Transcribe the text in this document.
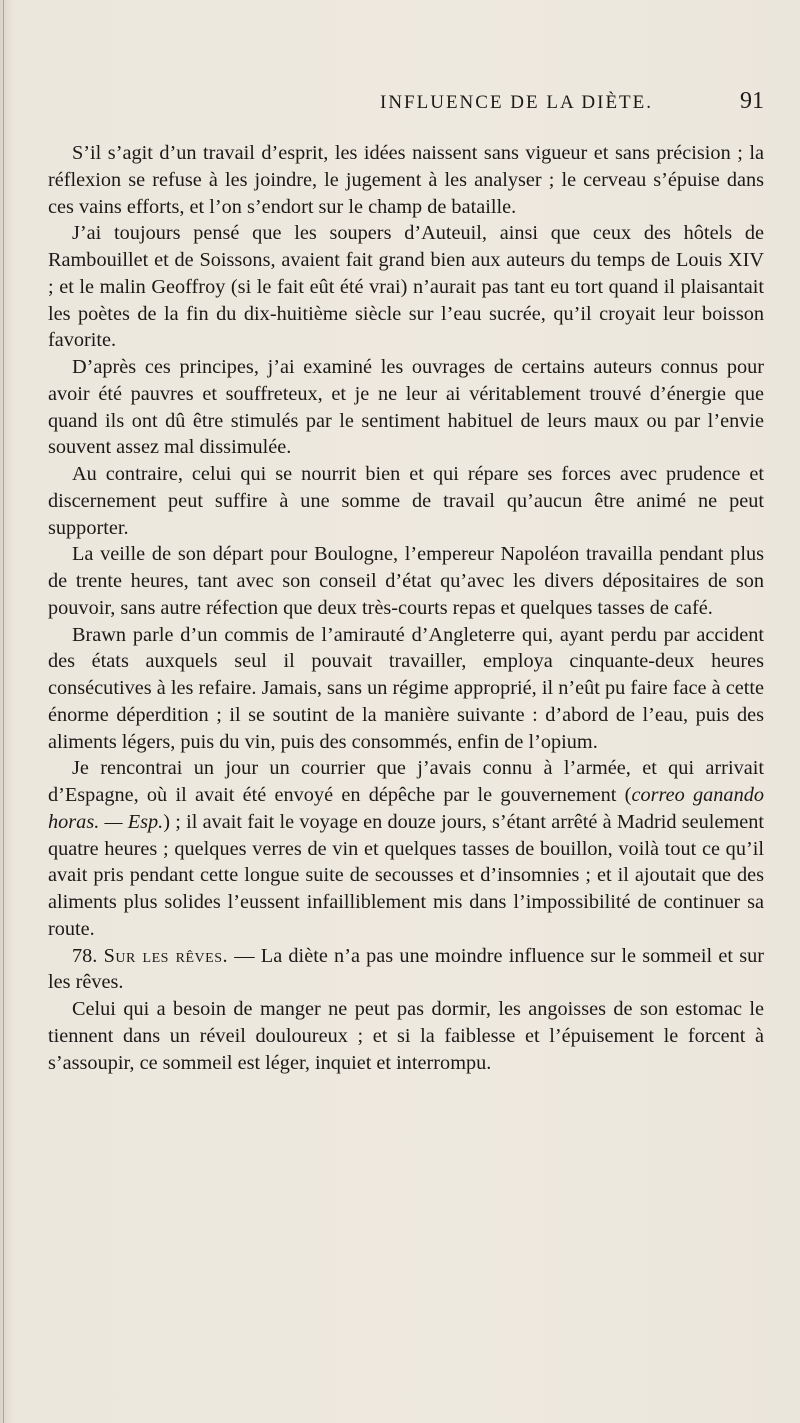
INFLUENCE DE LA DIÈTE.	91

S’il s’agit d’un travail d’esprit, les idées naissent sans vigueur et sans précision ; la réflexion se refuse à les joindre, le jugement à les analyser ; le cerveau s’épuise dans ces vains efforts, et l’on s’endort sur le champ de bataille.

J’ai toujours pensé que les soupers d’Auteuil, ainsi que ceux des hôtels de Rambouillet et de Soissons, avaient fait grand bien aux auteurs du temps de Louis XIV ; et le malin Geoffroy (si le fait eût été vrai) n’aurait pas tant eu tort quand il plaisantait les poètes de la fin du dix-huitième siècle sur l’eau sucrée, qu’il croyait leur boisson favorite.

D’après ces principes, j’ai examiné les ouvrages de certains auteurs connus pour avoir été pauvres et souffreteux, et je ne leur ai véritablement trouvé d’énergie que quand ils ont dû être stimulés par le sentiment habituel de leurs maux ou par l’envie souvent assez mal dissimulée.

Au contraire, celui qui se nourrit bien et qui répare ses forces avec prudence et discernement peut suffire à une somme de travail qu’aucun être animé ne peut supporter.

La veille de son départ pour Boulogne, l’empereur Napoléon travailla pendant plus de trente heures, tant avec son conseil d’état qu’avec les divers dépositaires de son pouvoir, sans autre réfection que deux très-courts repas et quelques tasses de café.

Brawn parle d’un commis de l’amirauté d’Angleterre qui, ayant perdu par accident des états auxquels seul il pouvait travailler, employa cinquante-deux heures consécutives à les refaire. Jamais, sans un régime approprié, il n’eût pu faire face à cette énorme déperdition ; il se soutint de la manière suivante : d’abord de l’eau, puis des aliments légers, puis du vin, puis des consommés, enfin de l’opium.

Je rencontrai un jour un courrier que j’avais connu à l’armée, et qui arrivait d’Espagne, où il avait été envoyé en dépêche par le gouvernement (correo ganando horas. — Esp.) ; il avait fait le voyage en douze jours, s’étant arrêté à Madrid seulement quatre heures ; quelques verres de vin et quelques tasses de bouillon, voilà tout ce qu’il avait pris pendant cette longue suite de secousses et d’insomnies ; et il ajoutait que des aliments plus solides l’eussent infailliblement mis dans l’impossibilité de continuer sa route.

78. Sur les rêves. — La diète n’a pas une moindre influence sur le sommeil et sur les rêves.

Celui qui a besoin de manger ne peut pas dormir, les angoisses de son estomac le tiennent dans un réveil douloureux ; et si la faiblesse et l’épuisement le forcent à s’assoupir, ce sommeil est léger, inquiet et interrompu.
